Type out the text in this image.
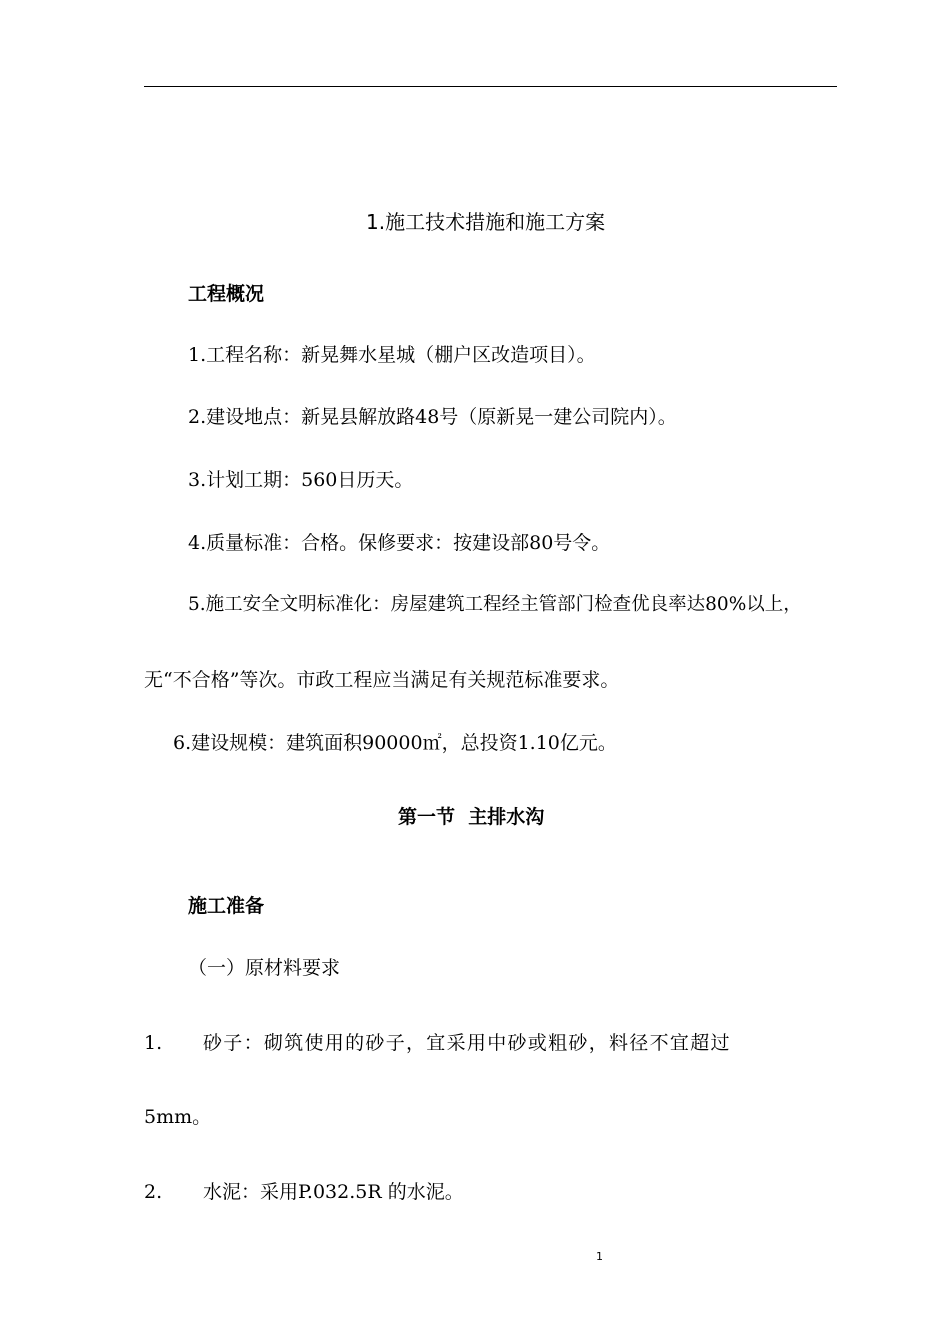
1.施工技术措施和施工方案
工程概况
1.工程名称：新晃舞水星城（棚户区改造项目）。
2.建设地点：新晃县解放路48号（原新晃一建公司院内）。
3.计划工期：560日历天。
4.质量标准：合格。保修要求：按建设部80号令。
5.施工安全文明标准化：房屋建筑工程经主管部门检查优良率达80%以上，
无“不合格”等次。市政工程应当满足有关规范标准要求。
6.建设规模：建筑面积90000㎡，总投资1.10亿元。
第一节  主排水沟
施工准备
（一）原材料要求
1. 砂子：砌筑使用的砂子，宜采用中砂或粗砂，料径不宜超过
5mm。
2. 水泥：采用P.032.5R 的水泥。
1
